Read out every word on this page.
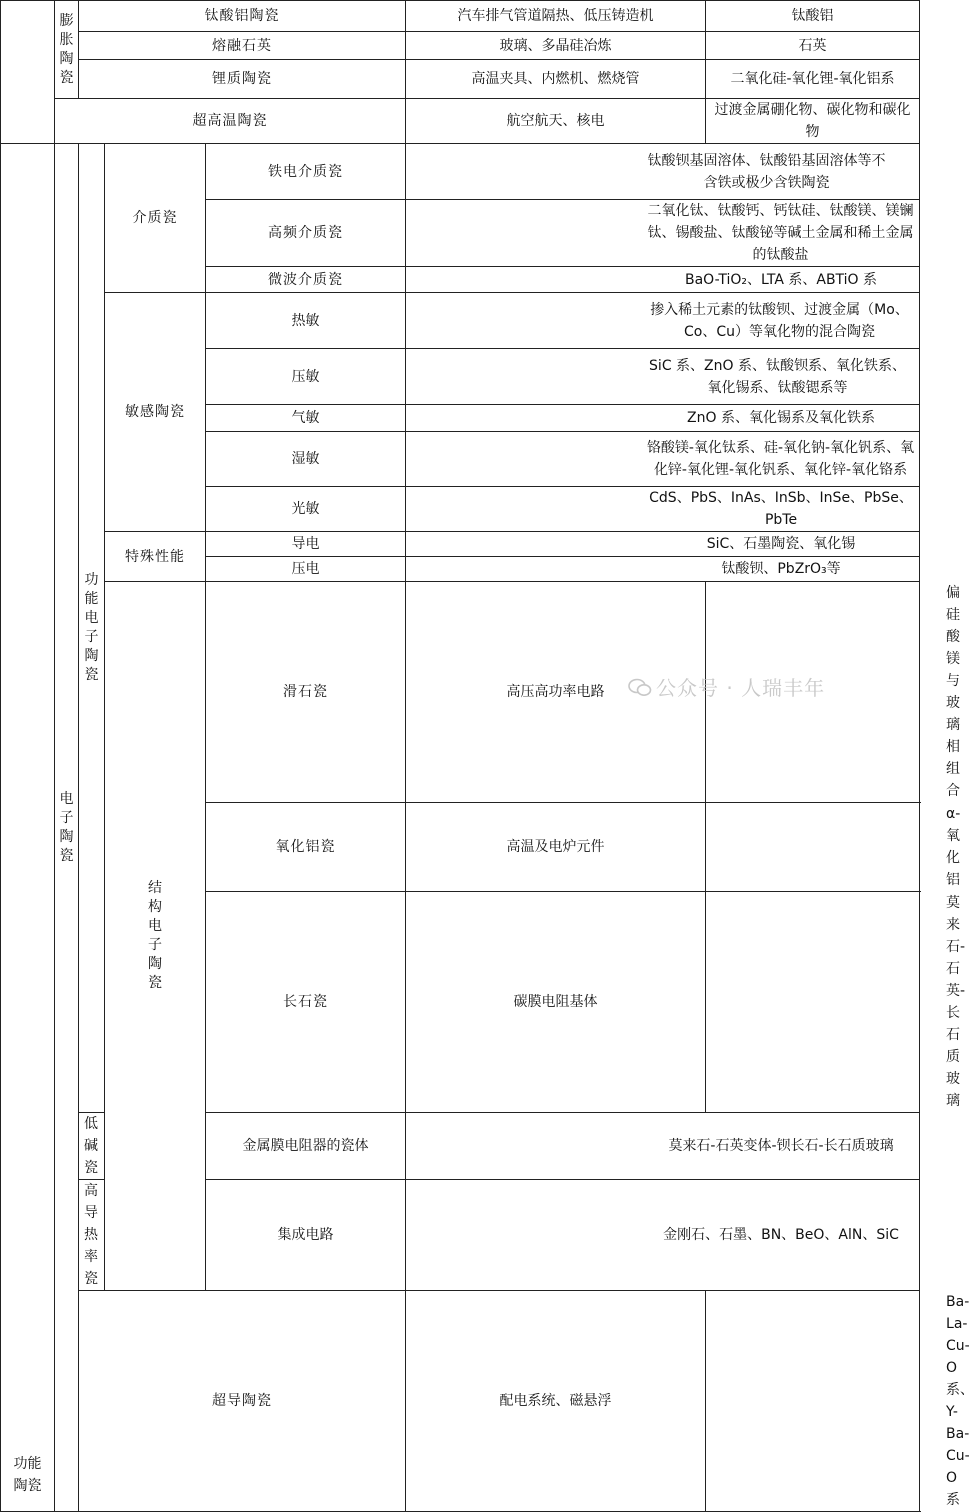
	膨胀陶瓷	钛酸铝陶瓷			汽车排气管道隔热、低压铸造机	钛酸铝
		熔融石英			玻璃、多晶硅冶炼	石英
		锂质陶瓷			高温夹具、内燃机、燃烧管	二氧化硅-氧化锂-氧化铝系
	超高温陶瓷				航空航天、核电	过渡金属硼化物、碳化物和碳化物
功能陶瓷	电子陶瓷	功能电子陶瓷	介质瓷	铁电介质瓷	钛酸钡基固溶体、钛酸铅基固溶体等不含铁或极少含铁陶瓷	
				高频介质瓷	二氧化钛、钛酸钙、钙钛硅、钛酸镁、镁镧钛、锡酸盐、钛酸铋等碱土金属和稀土金属的钛酸盐	
				微波介质瓷	BaO-TiO₂、LTA 系、ABTiO 系	
			敏感陶瓷	热敏	掺入稀土元素的钛酸钡、过渡金属（Mo、Co、Cu）等氧化物的混合陶瓷	
				压敏	SiC 系、ZnO 系、钛酸钡系、氧化铁系、氧化锡系、钛酸锶系等	
				气敏	ZnO 系、氧化锡系及氧化铁系	
				湿敏	铬酸镁-氧化钛系、硅-氧化钠-氧化钒系、氧化锌-氧化锂-氧化钒系、氧化锌-氧化铬系	
				光敏	CdS、PbS、InAs、InSb、InSe、PbSe、PbTe	
			特殊性能	导电	SiC、石墨陶瓷、氧化锡	
				压电	钛酸钡、PbZrO₃等	
			结构电子陶瓷	滑石瓷	高压高功率电路	偏硅酸镁与玻璃相组合
				氧化铝瓷	高温及电炉元件	α-氧化铝
				长石瓷	碳膜电阻基体	莫来石-石英-长石质玻璃
		低碱瓷		金属膜电阻器的瓷体	莫来石-石英变体-钡长石-长石质玻璃	
		高导热率瓷		集成电路	金刚石、石墨、BN、BeO、AlN、SiC	
		超导陶瓷			配电系统、磁悬浮	Ba-La-Cu-O 系、Y-Ba-Cu-O 系
公众号 · 人瑞丰年
